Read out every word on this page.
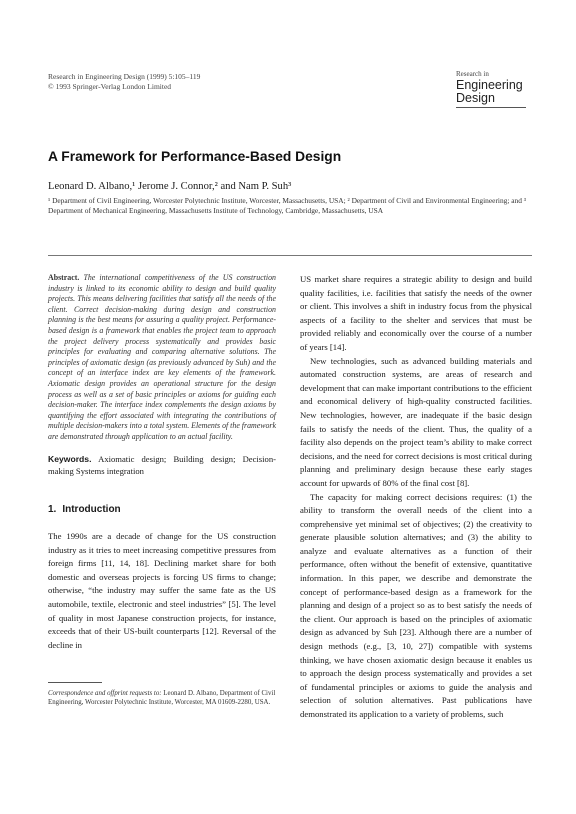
Research in Engineering Design (1999) 5:105–119
© 1993 Springer-Verlag London Limited
Research in
Engineering
Design
A Framework for Performance-Based Design
Leonard D. Albano,¹ Jerome J. Connor,² and Nam P. Suh³
¹ Department of Civil Engineering, Worcester Polytechnic Institute, Worcester, Massachusetts, USA; ² Department of Civil and Environmental Engineering; and ³ Department of Mechanical Engineering, Massachusetts Institute of Technology, Cambridge, Massachusetts, USA
Abstract. The international competitiveness of the US construction industry is linked to its economic ability to design and build quality projects. This means delivering facilities that satisfy all the needs of the client. Correct decision-making during design and construction planning is the best means for assuring a quality project. Performance-based design is a framework that enables the project team to approach the project delivery process systematically and provides basic principles for evaluating and comparing alternative solutions. The principles of axiomatic design (as previously advanced by Suh) and the concept of an interface index are key elements of the framework. Axiomatic design provides an operational structure for the design process as well as a set of basic principles or axioms for guiding each decision-maker. The interface index complements the design axioms by quantifying the effort associated with integrating the contributions of multiple decision-makers into a total system. Elements of the framework are demonstrated through application to an actual facility.
Keywords. Axiomatic design; Building design; Decision-making Systems integration
1. Introduction

The 1990s are a decade of change for the US construction industry as it tries to meet increasing competitive pressures from foreign firms [11, 14, 18]. Declining market share for both domestic and overseas projects is forcing US firms to change; otherwise, “the industry may suffer the same fate as the US automobile, textile, electronic and steel industries” [5]. The level of quality in most Japanese construction projects, for instance, exceeds that of their US-built counterparts [12]. Reversal of the decline in

US market share requires a strategic ability to design and build quality facilities, i.e. facilities that satisfy the needs of the owner or client. This involves a shift in industry focus from the physical aspects of a facility to the shelter and services that must be provided reliably and economically over the course of a number of years [14].

New technologies, such as advanced building materials and automated construction systems, are areas of research and development that can make important contributions to the efficient and economical delivery of high-quality constructed facilities. New technologies, however, are inadequate if the basic design fails to satisfy the needs of the client. Thus, the quality of a facility also depends on the project team’s ability to make correct decisions, and the need for correct decisions is most critical during planning and preliminary design because these early stages account for upwards of 80% of the final cost [8].

The capacity for making correct decisions requires: (1) the ability to transform the overall needs of the client into a comprehensive yet minimal set of objectives; (2) the creativity to generate plausible solution alternatives; and (3) the ability to analyze and evaluate alternatives as a function of their performance, often without the benefit of extensive, quantitative information. In this paper, we describe and demonstrate the concept of performance-based design as a framework for the planning and design of a project so as to best satisfy the needs of the client. Our approach is based on the principles of axiomatic design as advanced by Suh [23]. Although there are a number of design methods (e.g., [3, 10, 27]) compatible with systems thinking, we have chosen axiomatic design because it enables us to approach the design process systematically and provides a set of fundamental principles or axioms to guide the analysis and selection of solution alternatives. Past publications have demonstrated its application to a variety of problems, such

Correspondence and offprint requests to: Leonard D. Albano, Department of Civil Engineering, Worcester Polytechnic Institute, Worcester, MA 01609-2280, USA.
